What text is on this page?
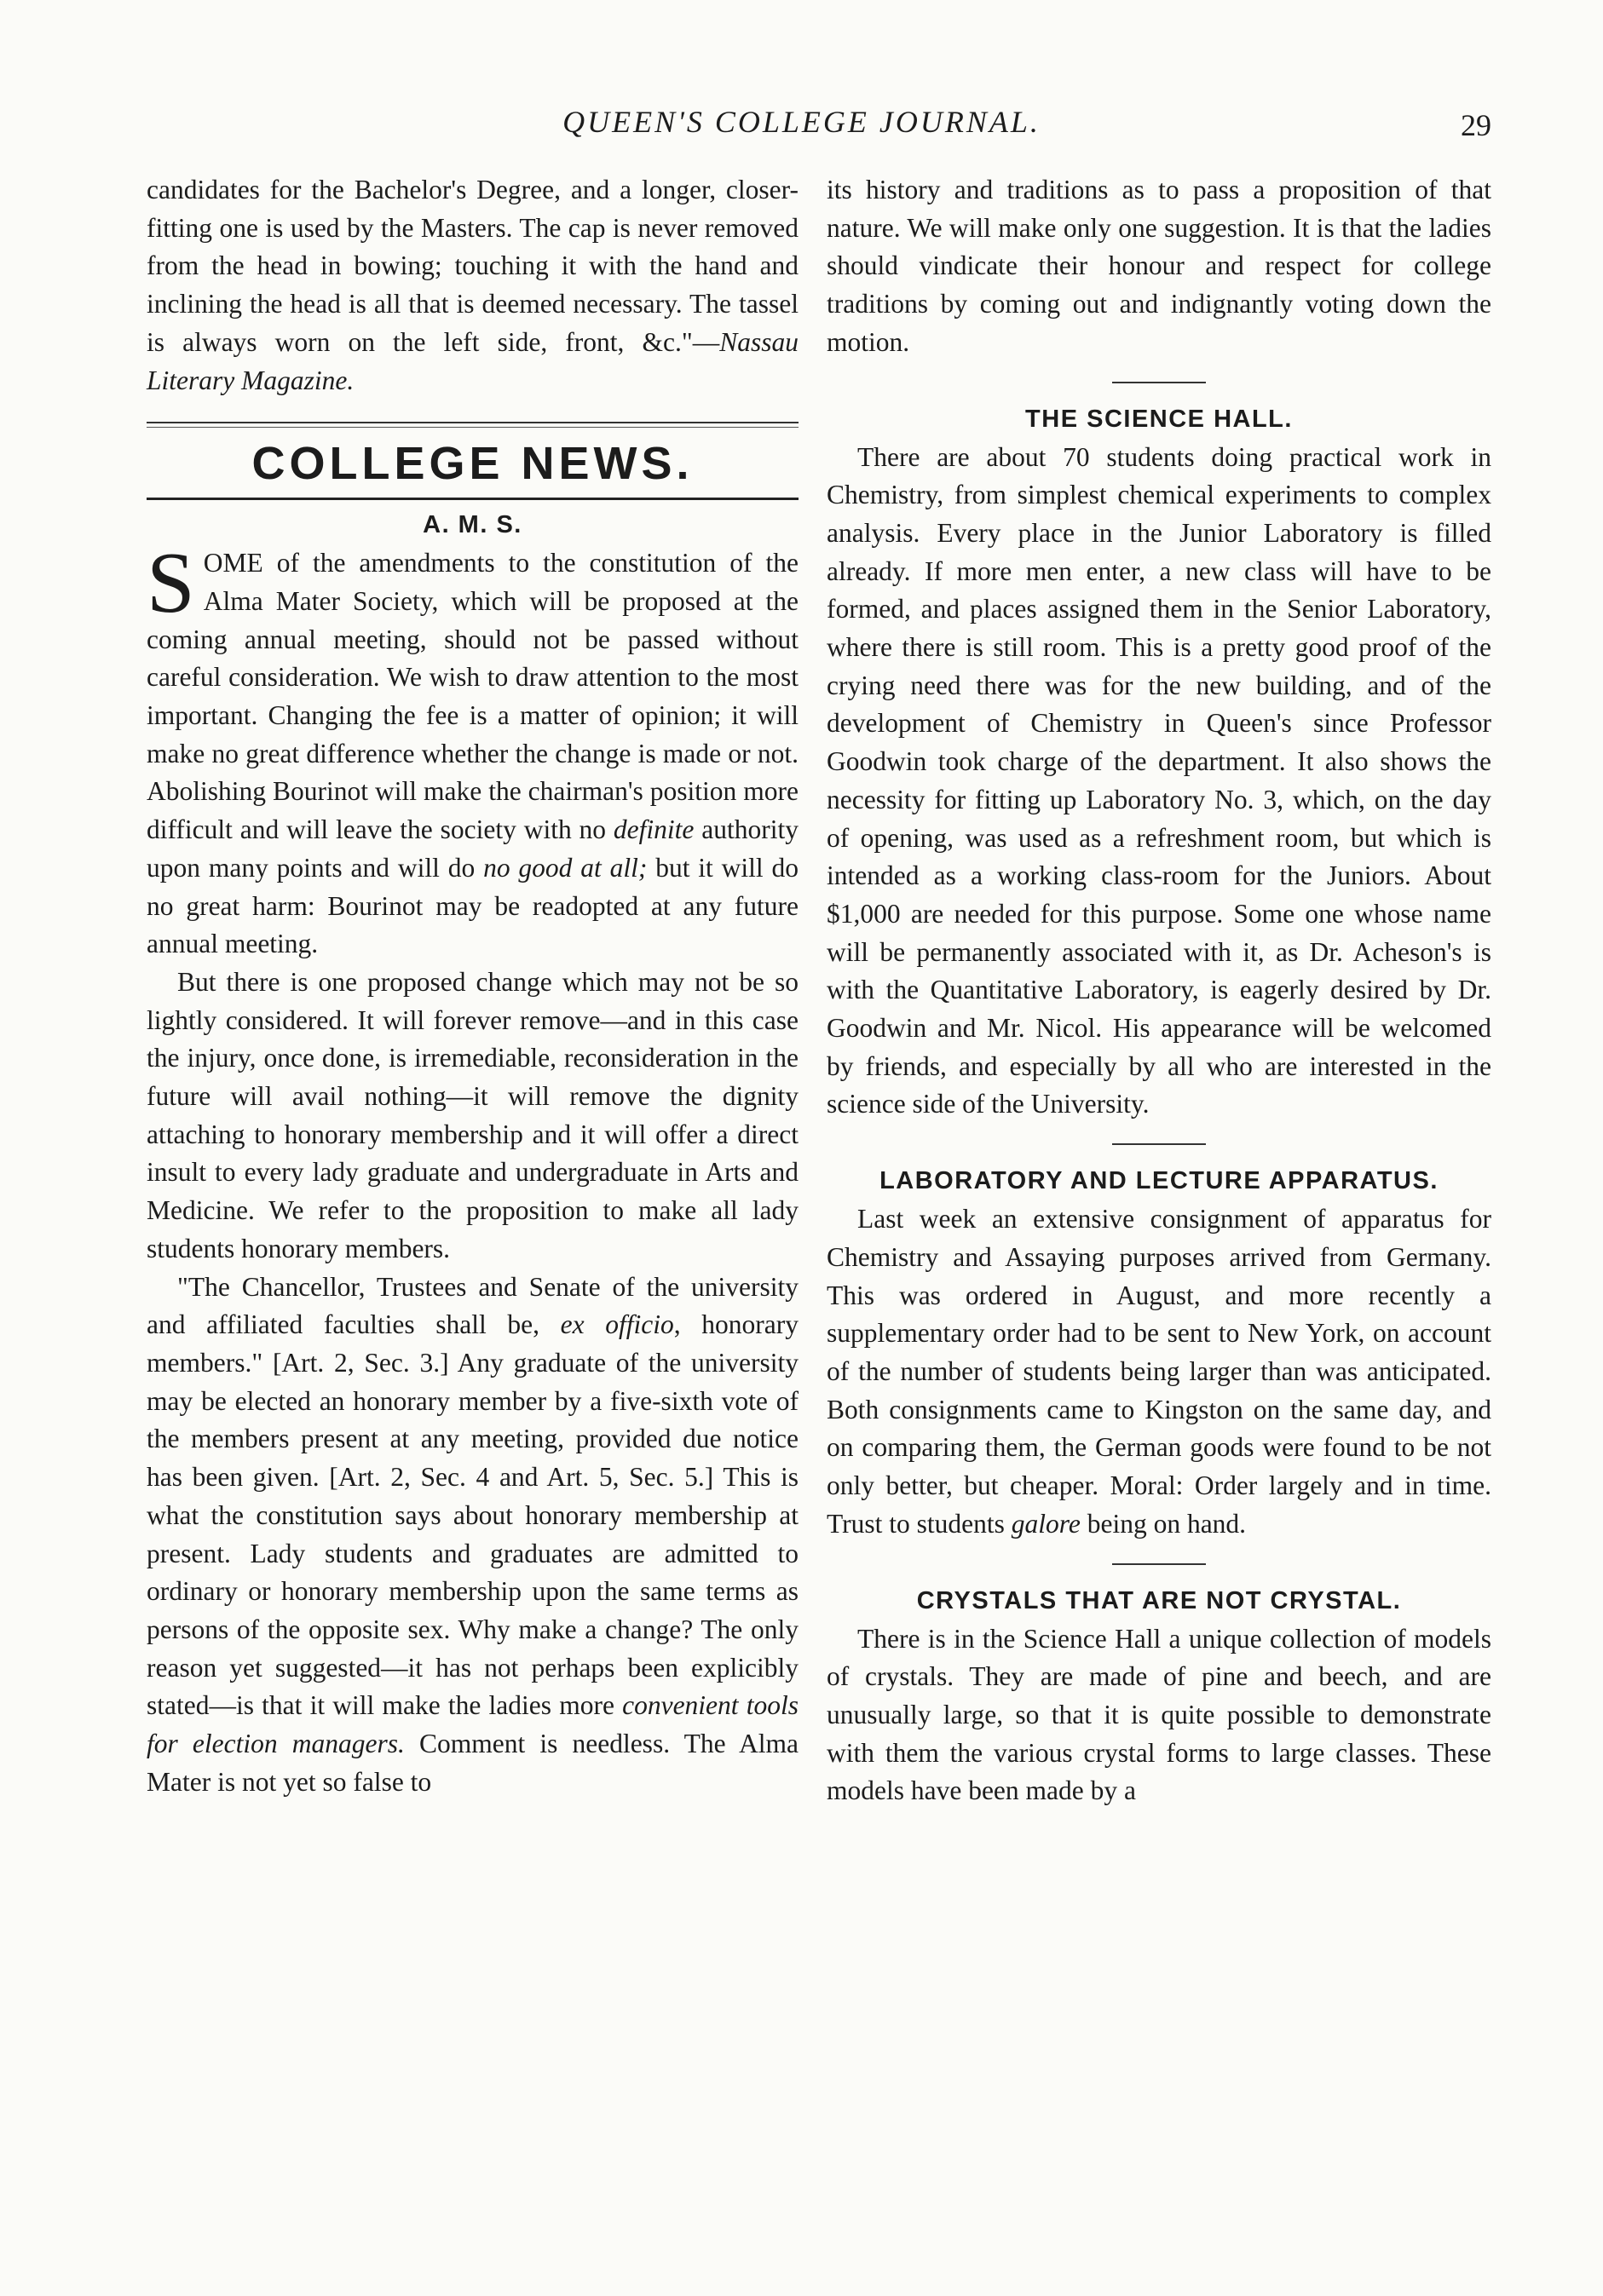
QUEEN'S COLLEGE JOURNAL.	29

candidates for the Bachelor's Degree, and a longer, closer-fitting one is used by the Masters. The cap is never removed from the head in bowing; touching it with the hand and inclining the head is all that is deemed necessary. The tassel is always worn on the left side, front, &c."—Nassau Literary Magazine.

COLLEGE NEWS.
A. M. S.

SOME of the amendments to the constitution of the Alma Mater Society, which will be proposed at the coming annual meeting, should not be passed without careful consideration. We wish to draw attention to the most important. Changing the fee is a matter of opinion; it will make no great difference whether the change is made or not. Abolishing Bourinot will make the chairman's position more difficult and will leave the society with no definite authority upon many points and will do no good at all; but it will do no great harm: Bourinot may be readopted at any future annual meeting.

But there is one proposed change which may not be so lightly considered. It will forever remove—and in this case the injury, once done, is irremediable, reconsideration in the future will avail nothing—it will remove the dignity attaching to honorary membership and it will offer a direct insult to every lady graduate and undergraduate in Arts and Medicine. We refer to the proposition to make all lady students honorary members.

"The Chancellor, Trustees and Senate of the university and affiliated faculties shall be, ex officio, honorary members." [Art. 2, Sec. 3.] Any graduate of the university may be elected an honorary member by a five-sixth vote of the members present at any meeting, provided due notice has been given. [Art. 2, Sec. 4 and Art. 5, Sec. 5.] This is what the constitution says about honorary membership at present. Lady students and graduates are admitted to ordinary or honorary membership upon the same terms as persons of the opposite sex. Why make a change? The only reason yet suggested—it has not perhaps been explicibly stated—is that it will make the ladies more convenient tools for election managers. Comment is needless. The Alma Mater is not yet so false to

its history and traditions as to pass a proposition of that nature. We will make only one suggestion. It is that the ladies should vindicate their honour and respect for college traditions by coming out and indignantly voting down the motion.

THE SCIENCE HALL.

There are about 70 students doing practical work in Chemistry, from simplest chemical experiments to complex analysis. Every place in the Junior Laboratory is filled already. If more men enter, a new class will have to be formed, and places assigned them in the Senior Laboratory, where there is still room. This is a pretty good proof of the crying need there was for the new building, and of the development of Chemistry in Queen's since Professor Goodwin took charge of the department. It also shows the necessity for fitting up Laboratory No. 3, which, on the day of opening, was used as a refreshment room, but which is intended as a working class-room for the Juniors. About $1,000 are needed for this purpose. Some one whose name will be permanently associated with it, as Dr. Acheson's is with the Quantitative Laboratory, is eagerly desired by Dr. Goodwin and Mr. Nicol. His appearance will be welcomed by friends, and especially by all who are interested in the science side of the University.

LABORATORY AND LECTURE APPARATUS.

Last week an extensive consignment of apparatus for Chemistry and Assaying purposes arrived from Germany. This was ordered in August, and more recently a supplementary order had to be sent to New York, on account of the number of students being larger than was anticipated. Both consignments came to Kingston on the same day, and on comparing them, the German goods were found to be not only better, but cheaper. Moral: Order largely and in time. Trust to students galore being on hand.

CRYSTALS THAT ARE NOT CRYSTAL.

There is in the Science Hall a unique collection of models of crystals. They are made of pine and beech, and are unusually large, so that it is quite possible to demonstrate with them the various crystal forms to large classes. These models have been made by a
